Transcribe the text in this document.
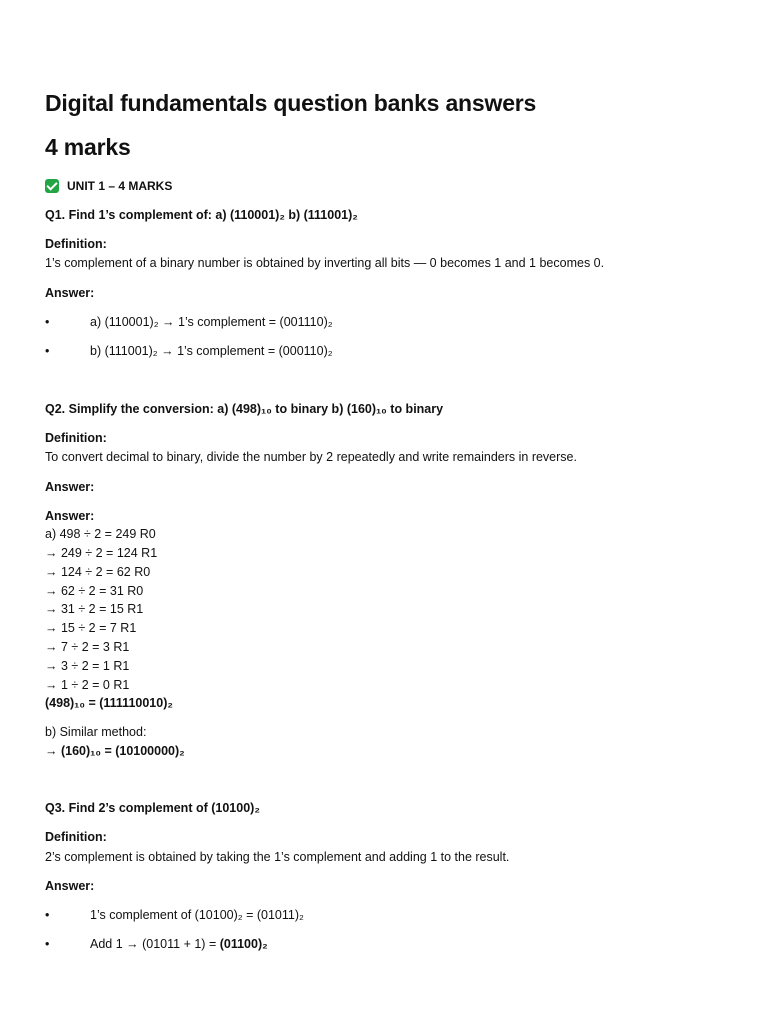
Digital fundamentals question banks answers
4 marks
UNIT 1 – 4 MARKS
Q1. Find 1’s complement of: a) (110001)₂ b) (111001)₂
Definition:
1’s complement of a binary number is obtained by inverting all bits — 0 becomes 1 and 1 becomes 0.
Answer:
• a) (110001)₂ → 1’s complement = (001110)₂
• b) (111001)₂ → 1’s complement = (000110)₂
Q2. Simplify the conversion: a) (498)₁₀ to binary b) (160)₁₀ to binary
Definition:
To convert decimal to binary, divide the number by 2 repeatedly and write remainders in reverse.
Answer:
Answer:
a) 498 ÷ 2 = 249 R0
→ 249 ÷ 2 = 124 R1
→ 124 ÷ 2 = 62 R0
→ 62 ÷ 2 = 31 R0
→ 31 ÷ 2 = 15 R1
→ 15 ÷ 2 = 7 R1
→ 7 ÷ 2 = 3 R1
→ 3 ÷ 2 = 1 R1
→ 1 ÷ 2 = 0 R1
(498)₁₀ = (111110010)₂
b) Similar method:
→ (160)₁₀ = (10100000)₂
Q3. Find 2’s complement of (10100)₂
Definition:
2’s complement is obtained by taking the 1’s complement and adding 1 to the result.
Answer:
• 1’s complement of (10100)₂ = (01011)₂
• Add 1 → (01011 + 1) = (01100)₂
